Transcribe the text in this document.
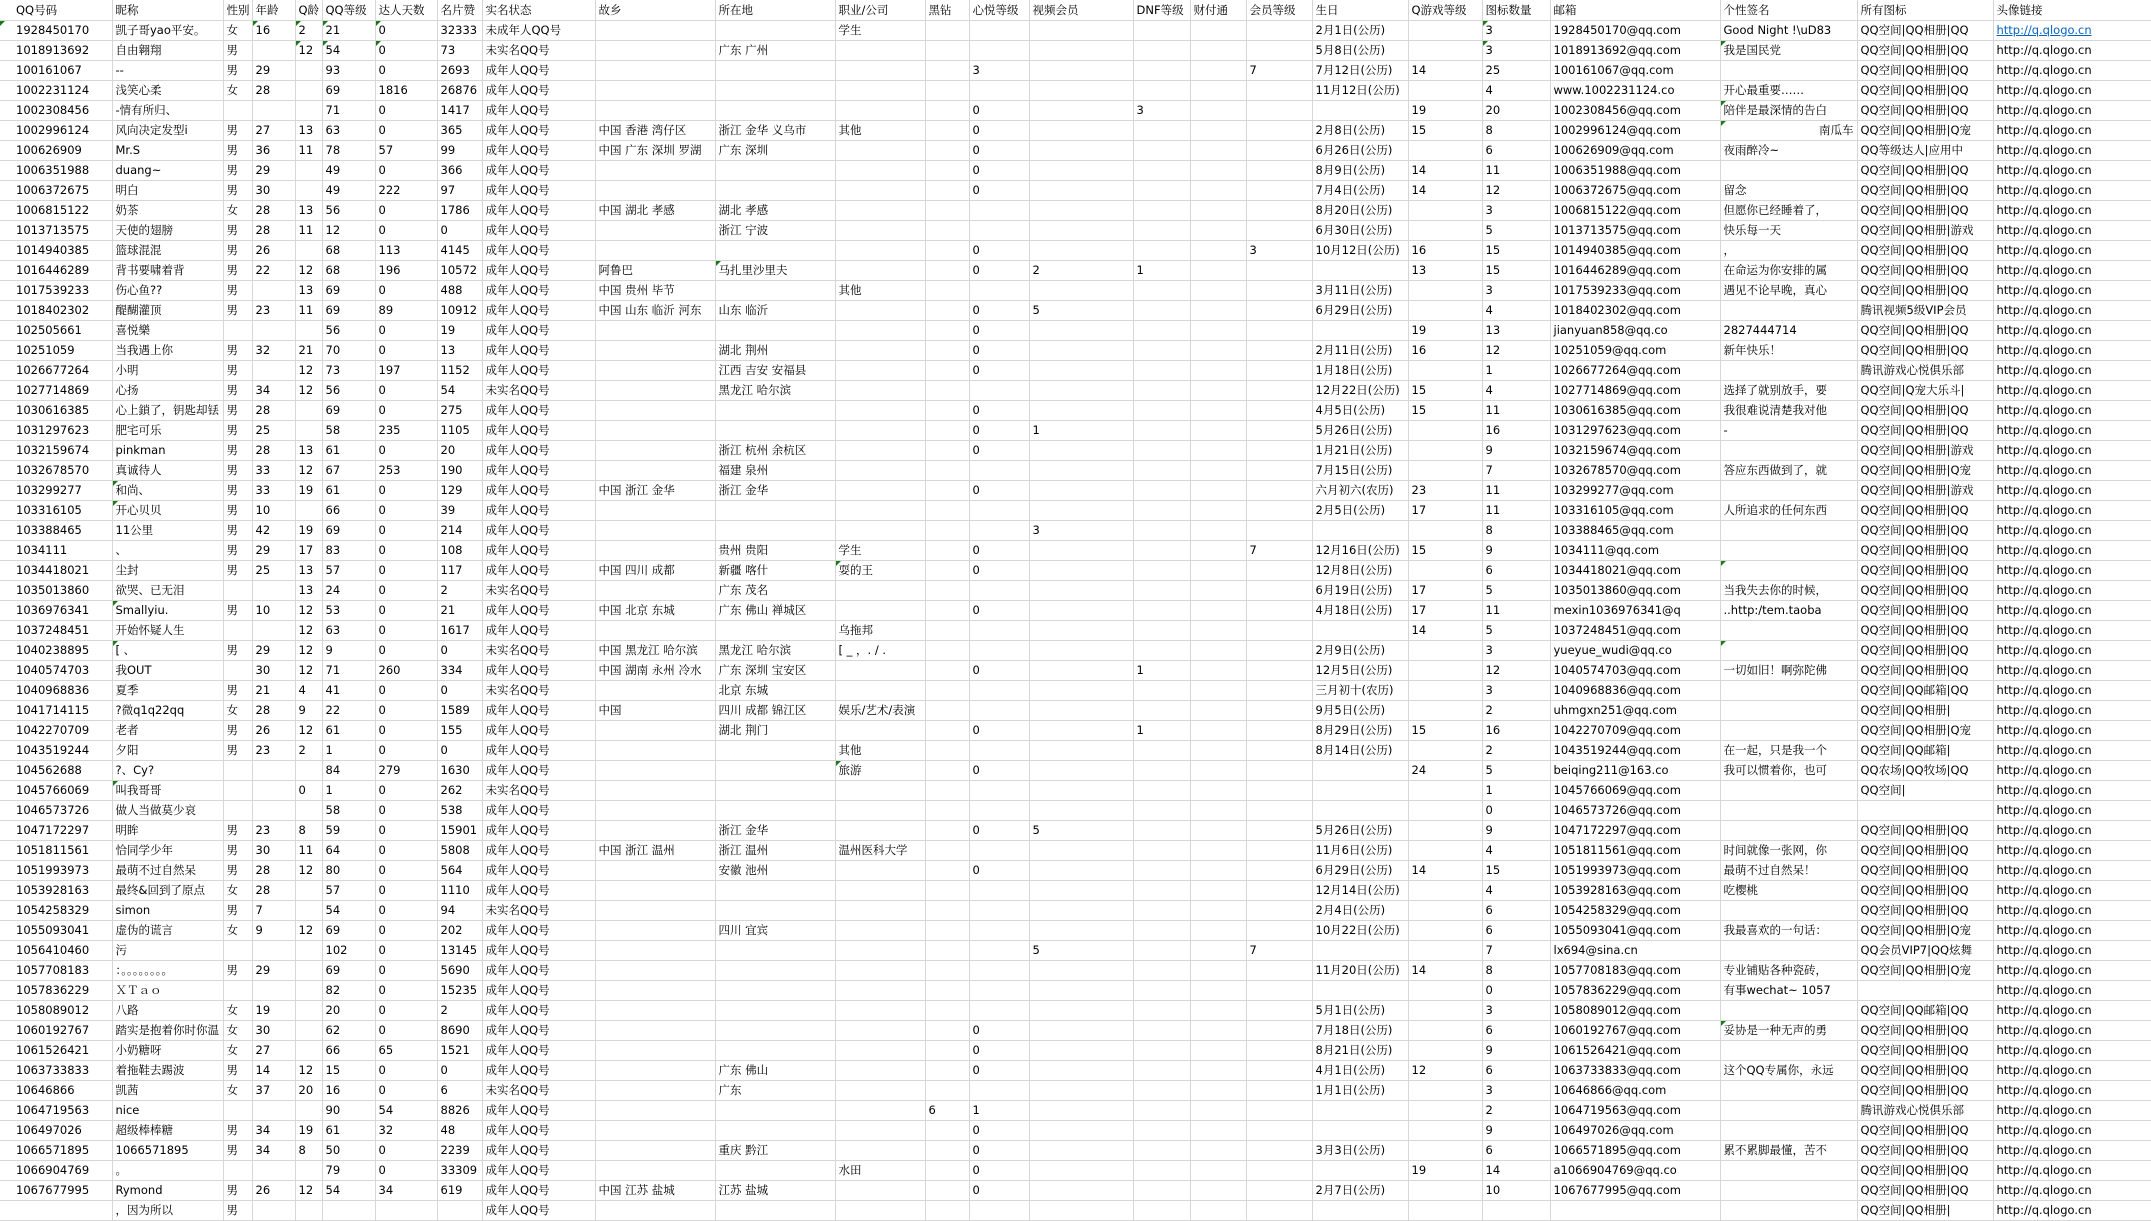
QQ号码	昵称	性别	年龄	Q龄	QQ等级	达人天数	名片赞	实名状态	故乡	所在地	职业/公司	黑钻	心悦等级	视频会员	DNF等级	财付通	会员等级	生日	Q游戏等级	图标数量	邮箱	个性签名	所有图标	头像链接
1928450170	凯子哥yao平安。	女	16	2	21	0	32333	未成年人QQ号			学生							2月1日(公历)		3	1928450170@qq.com	Good Night !\uD83	QQ空间|QQ相册|QQ	http://q.qlogo.cn
1018913692	自由翱翔	男		12	54	0	73	未实名QQ号		广东 广州								5月8日(公历)		3	1018913692@qq.com	我是国民党	QQ空间|QQ相册|QQ	http://q.qlogo.cn
100161067	--	男	29		93	0	2693	成年人QQ号					3				7	7月12日(公历)	14	25	100161067@qq.com		QQ空间|QQ相册|QQ	http://q.qlogo.cn
1002231124	浅笑心柔	女	28		69	1816	26876	成年人QQ号										11月12日(公历)		4	www.1002231124.co	开心最重要……	QQ空间|QQ相册|QQ	http://q.qlogo.cn
1002308456	-情有所归、				71	0	1417	成年人QQ号					0		3				19	20	1002308456@qq.com	陪伴是最深情的告白	QQ空间|QQ相册|QQ	http://q.qlogo.cn
1002996124	风向决定发型i	男	27	13	63	0	365	成年人QQ号	中国 香港 湾仔区	浙江 金华 义乌市	其他		0					2月8日(公历)	15	8	1002996124@qq.com	南瓜车	QQ空间|QQ相册|Q宠	http://q.qlogo.cn
100626909	Mr.S	男	36	11	78	57	99	成年人QQ号	中国 广东 深圳 罗湖	广东 深圳			0					6月26日(公历)		6	100626909@qq.com	夜雨醉冷~	QQ等级达人|应用中	http://q.qlogo.cn
1006351988	duang~	男	29		49	0	366	成年人QQ号					0					8月9日(公历)	14	11	1006351988@qq.com		QQ空间|QQ相册|QQ	http://q.qlogo.cn
1006372675	明白	男	30		49	222	97	成年人QQ号					0					7月4日(公历)	14	12	1006372675@qq.com	留念	QQ空间|QQ相册|QQ	http://q.qlogo.cn
1006815122	奶茶	女	28	13	56	0	1786	成年人QQ号	中国 湖北 孝感	湖北 孝感								8月20日(公历)		3	1006815122@qq.com	但愿你已经睡着了，	QQ空间|QQ相册|QQ	http://q.qlogo.cn
1013713575	天使的翅膀	男	28	11	12	0	0	成年人QQ号		浙江 宁波								6月30日(公历)		5	1013713575@qq.com	快乐每一天	QQ空间|QQ相册|游戏	http://q.qlogo.cn
1014940385	篮球混混	男	26		68	113	4145	成年人QQ号					0				3	10月12日(公历)	16	15	1014940385@qq.com	，	QQ空间|QQ相册|QQ	http://q.qlogo.cn
1016446289	背书要啸着背	男	22	12	68	196	10572	成年人QQ号	阿鲁巴	马扎里沙里夫			0	2	1				13	15	1016446289@qq.com	在命运为你安排的属	QQ空间|QQ相册|QQ	http://q.qlogo.cn
1017539233	伤心鱼??	男		13	69	0	488	成年人QQ号	中国 贵州 毕节		其他							3月11日(公历)		3	1017539233@qq.com	遇见不论早晚，真心	QQ空间|QQ相册|QQ	http://q.qlogo.cn
1018402302	醍醐灌顶	男	23	11	69	89	10912	成年人QQ号	中国 山东 临沂 河东	山东 临沂			0	5				6月29日(公历)		4	1018402302@qq.com		腾讯视频5级VIP会员	http://q.qlogo.cn
102505661	喜悦樂				56	0	19	成年人QQ号					0						19	13	jianyuan858@qq.co	2827444714	QQ空间|QQ相册|QQ	http://q.qlogo.cn
10251059	当我遇上你	男	32	21	70	0	13	成年人QQ号		湖北 荆州			0					2月11日(公历)	16	12	10251059@qq.com	新年快乐！	QQ空间|QQ相册|QQ	http://q.qlogo.cn
1026677264	小明	男		12	73	197	1152	成年人QQ号		江西 吉安 安福县			0					1月18日(公历)		1	1026677264@qq.com		腾讯游戏心悦俱乐部	http://q.qlogo.cn
1027714869	心扬	男	34	12	56	0	54	未实名QQ号		黑龙江 哈尔滨								12月22日(公历)	15	4	1027714869@qq.com	选择了就别放手，要	QQ空间|Q宠大乐斗|	http://q.qlogo.cn
1030616385	心上鎖了，钥匙却铥	男	28		69	0	275	成年人QQ号					0					4月5日(公历)	15	11	1030616385@qq.com	我很难说清楚我对他	QQ空间|QQ相册|QQ	http://q.qlogo.cn
1031297623	肥宅可乐	男	25		58	235	1105	成年人QQ号					0	1				5月26日(公历)		16	1031297623@qq.com	-	QQ空间|QQ相册|QQ	http://q.qlogo.cn
1032159674	pinkman	男	28	13	61	0	20	成年人QQ号		浙江 杭州 余杭区			0					1月21日(公历)		9	1032159674@qq.com		QQ空间|QQ相册|游戏	http://q.qlogo.cn
1032678570	真诚待人	男	33	12	67	253	190	成年人QQ号		福建 泉州								7月15日(公历)		7	1032678570@qq.com	答应东西做到了，就	QQ空间|QQ相册|Q宠	http://q.qlogo.cn
103299277	和尚、	男	33	19	61	0	129	成年人QQ号	中国 浙江 金华	浙江 金华			0					六月初六(农历)	23	11	103299277@qq.com		QQ空间|QQ相册|游戏	http://q.qlogo.cn
103316105	开心贝贝	男	10		66	0	39	成年人QQ号										2月5日(公历)	17	11	103316105@qq.com	人所追求的任何东西	QQ空间|QQ相册|QQ	http://q.qlogo.cn
103388465	11公里	男	42	19	69	0	214	成年人QQ号						3						8	103388465@qq.com		QQ空间|QQ相册|QQ	http://q.qlogo.cn
1034111	、	男	29	17	83	0	108	成年人QQ号		贵州 贵阳	学生		0				7	12月16日(公历)	15	9	1034111@qq.com		QQ空间|QQ相册|QQ	http://q.qlogo.cn
1034418021	尘封	男	25	13	57	0	117	成年人QQ号	中国 四川 成都	新疆 喀什	耍的王		0					12月8日(公历)		6	1034418021@qq.com		QQ空间|QQ相册|QQ	http://q.qlogo.cn
1035013860	欲哭、已无泪			13	24	0	2	未实名QQ号		广东 茂名								6月19日(公历)	17	5	1035013860@qq.com	当我失去你的时候，	QQ空间|QQ相册|QQ	http://q.qlogo.cn
1036976341	Smallyiu.	男	10	12	53	0	21	成年人QQ号	中国 北京 东城	广东 佛山 禅城区			0					4月18日(公历)	17	11	mexin1036976341@q	..http:/tem.taoba	QQ空间|QQ相册|QQ	http://q.qlogo.cn
1037248451	开始怀疑人生			12	63	0	1617	成年人QQ号			乌拖邦								14	5	1037248451@qq.com		QQ空间|QQ相册|QQ	http://q.qlogo.cn
1040238895	[ 、	男	29	12	9	0	0	未实名QQ号	中国 黑龙江 哈尔滨	黑龙江 哈尔滨	[ _ ，. / .							2月9日(公历)		3	yueyue_wudi@qq.co		QQ空间|QQ相册|QQ	http://q.qlogo.cn
1040574703	我OUT		30	12	71	260	334	成年人QQ号	中国 湖南 永州 冷水	广东 深圳 宝安区			0		1			12月5日(公历)		12	1040574703@qq.com	一切如旧！啊弥陀佛	QQ空间|QQ相册|QQ	http://q.qlogo.cn
1040968836	夏季	男	21	4	41	0	0	未实名QQ号		北京 东城								三月初十(农历)		3	1040968836@qq.com		QQ空间|QQ邮箱|QQ	http://q.qlogo.cn
1041714115	?微q1q22qq	女	28	9	22	0	1589	成年人QQ号	中国	四川 成都 锦江区	娱乐/艺术/表演							9月5日(公历)		2	uhmgxn251@qq.com		QQ空间|QQ相册|	http://q.qlogo.cn
1042270709	老者	男	26	12	61	0	155	成年人QQ号		湖北 荆门			0		1			8月29日(公历)	15	16	1042270709@qq.com		QQ空间|QQ相册|Q宠	http://q.qlogo.cn
1043519244	夕阳	男	23	2	1	0	0	成年人QQ号			其他							8月14日(公历)		2	1043519244@qq.com	在一起，只是我一个	QQ空间|QQ邮箱|	http://q.qlogo.cn
104562688	?、Cy?				84	279	1630	成年人QQ号			旅游		0						24	5	beiqing211@163.co	我可以惯着你，也可	QQ农场|QQ牧场|QQ	http://q.qlogo.cn
1045766069	叫我哥哥			0	1	0	262	未实名QQ号												1	1045766069@qq.com		QQ空间|	http://q.qlogo.cn
1046573726	做人当做莫少哀				58	0	538	成年人QQ号												0	1046573726@qq.com			http://q.qlogo.cn
1047172297	明眸	男	23	8	59	0	15901	成年人QQ号		浙江 金华			0	5				5月26日(公历)		9	1047172297@qq.com		QQ空间|QQ相册|QQ	http://q.qlogo.cn
1051811561	恰同学少年	男	30	11	64	0	5808	成年人QQ号	中国 浙江 温州	浙江 温州	温州医科大学							11月6日(公历)		4	1051811561@qq.com	时间就像一张网，你	QQ空间|QQ相册|QQ	http://q.qlogo.cn
1051993973	最萌不过自然呆	男	28	12	80	0	564	成年人QQ号		安徽 池州			0					6月29日(公历)	14	15	1051993973@qq.com	最萌不过自然呆！	QQ空间|QQ相册|QQ	http://q.qlogo.cn
1053928163	最终&回到了原点	女	28		57	0	1110	成年人QQ号										12月14日(公历)		4	1053928163@qq.com	吃樱桃	QQ空间|QQ相册|QQ	http://q.qlogo.cn
1054258329	simon	男	7		54	0	94	未实名QQ号										2月4日(公历)		6	1054258329@qq.com		QQ空间|QQ相册|QQ	http://q.qlogo.cn
1055093041	虚伪的谎言	女	9	12	69	0	202	成年人QQ号		四川 宜宾								10月22日(公历)		6	1055093041@qq.com	我最喜欢的一句话：	QQ空间|QQ相册|Q宠	http://q.qlogo.cn
1056410460	污				102	0	13145	成年人QQ号						5			7			7	lx694@sina.cn		QQ会员VIP7|QQ炫舞	http://q.qlogo.cn
1057708183	：。。。。。。。。	男	29		69	0	5690	成年人QQ号										11月20日(公历)	14	8	1057708183@qq.com	专业铺贴各种瓷砖，	QQ空间|QQ相册|Q宠	http://q.qlogo.cn
1057836229	ＸＴａｏ				82	0	15235	成年人QQ号												0	1057836229@qq.com	有事wechat~ 1057		http://q.qlogo.cn
1058089012	八路	女	19		20	0	2	成年人QQ号										5月1日(公历)		3	1058089012@qq.com		QQ空间|QQ邮箱|QQ	http://q.qlogo.cn
1060192767	踏实是抱着你时你温	女	30		62	0	8690	成年人QQ号					0					7月18日(公历)		6	1060192767@qq.com	妥协是一种无声的勇	QQ空间|QQ相册|QQ	http://q.qlogo.cn
1061526421	小奶糖呀	女	27		66	65	1521	成年人QQ号					0					8月21日(公历)		9	1061526421@qq.com		QQ空间|QQ相册|QQ	http://q.qlogo.cn
1063733833	着拖鞋去踢波	男	14	12	15	0	0	成年人QQ号		广东 佛山			0					4月1日(公历)	12	6	1063733833@qq.com	这个QQ专属你，永远	QQ空间|QQ相册|QQ	http://q.qlogo.cn
10646866	凯茜	女	37	20	16	0	6	未实名QQ号		广东								1月1日(公历)		3	10646866@qq.com		QQ空间|QQ相册|QQ	http://q.qlogo.cn
1064719563	nice				90	54	8826	成年人QQ号				6	1							2	1064719563@qq.com		腾讯游戏心悦俱乐部	http://q.qlogo.cn
106497026	超级棒棒糖	男	34	19	61	32	48	成年人QQ号					0							9	106497026@qq.com		QQ空间|QQ相册|QQ	http://q.qlogo.cn
1066571895	1066571895	男	34	8	50	0	2239	成年人QQ号		重庆 黔江			0					3月3日(公历)		6	1066571895@qq.com	累不累脚最懂，苦不	QQ空间|QQ相册|QQ	http://q.qlogo.cn
1066904769	。				79	0	33309	成年人QQ号			水田		0						19	14	a1066904769@qq.co		QQ空间|QQ相册|QQ	http://q.qlogo.cn
1067677995	Rymond	男	26	12	54	34	619	成年人QQ号	中国 江苏 盐城	江苏 盐城			0					2月7日(公历)		10	1067677995@qq.com		QQ空间|QQ相册|QQ	http://q.qlogo.cn
	，因为所以	男						成年人QQ号															QQ空间|QQ相册|	http://q.qlogo.cn
